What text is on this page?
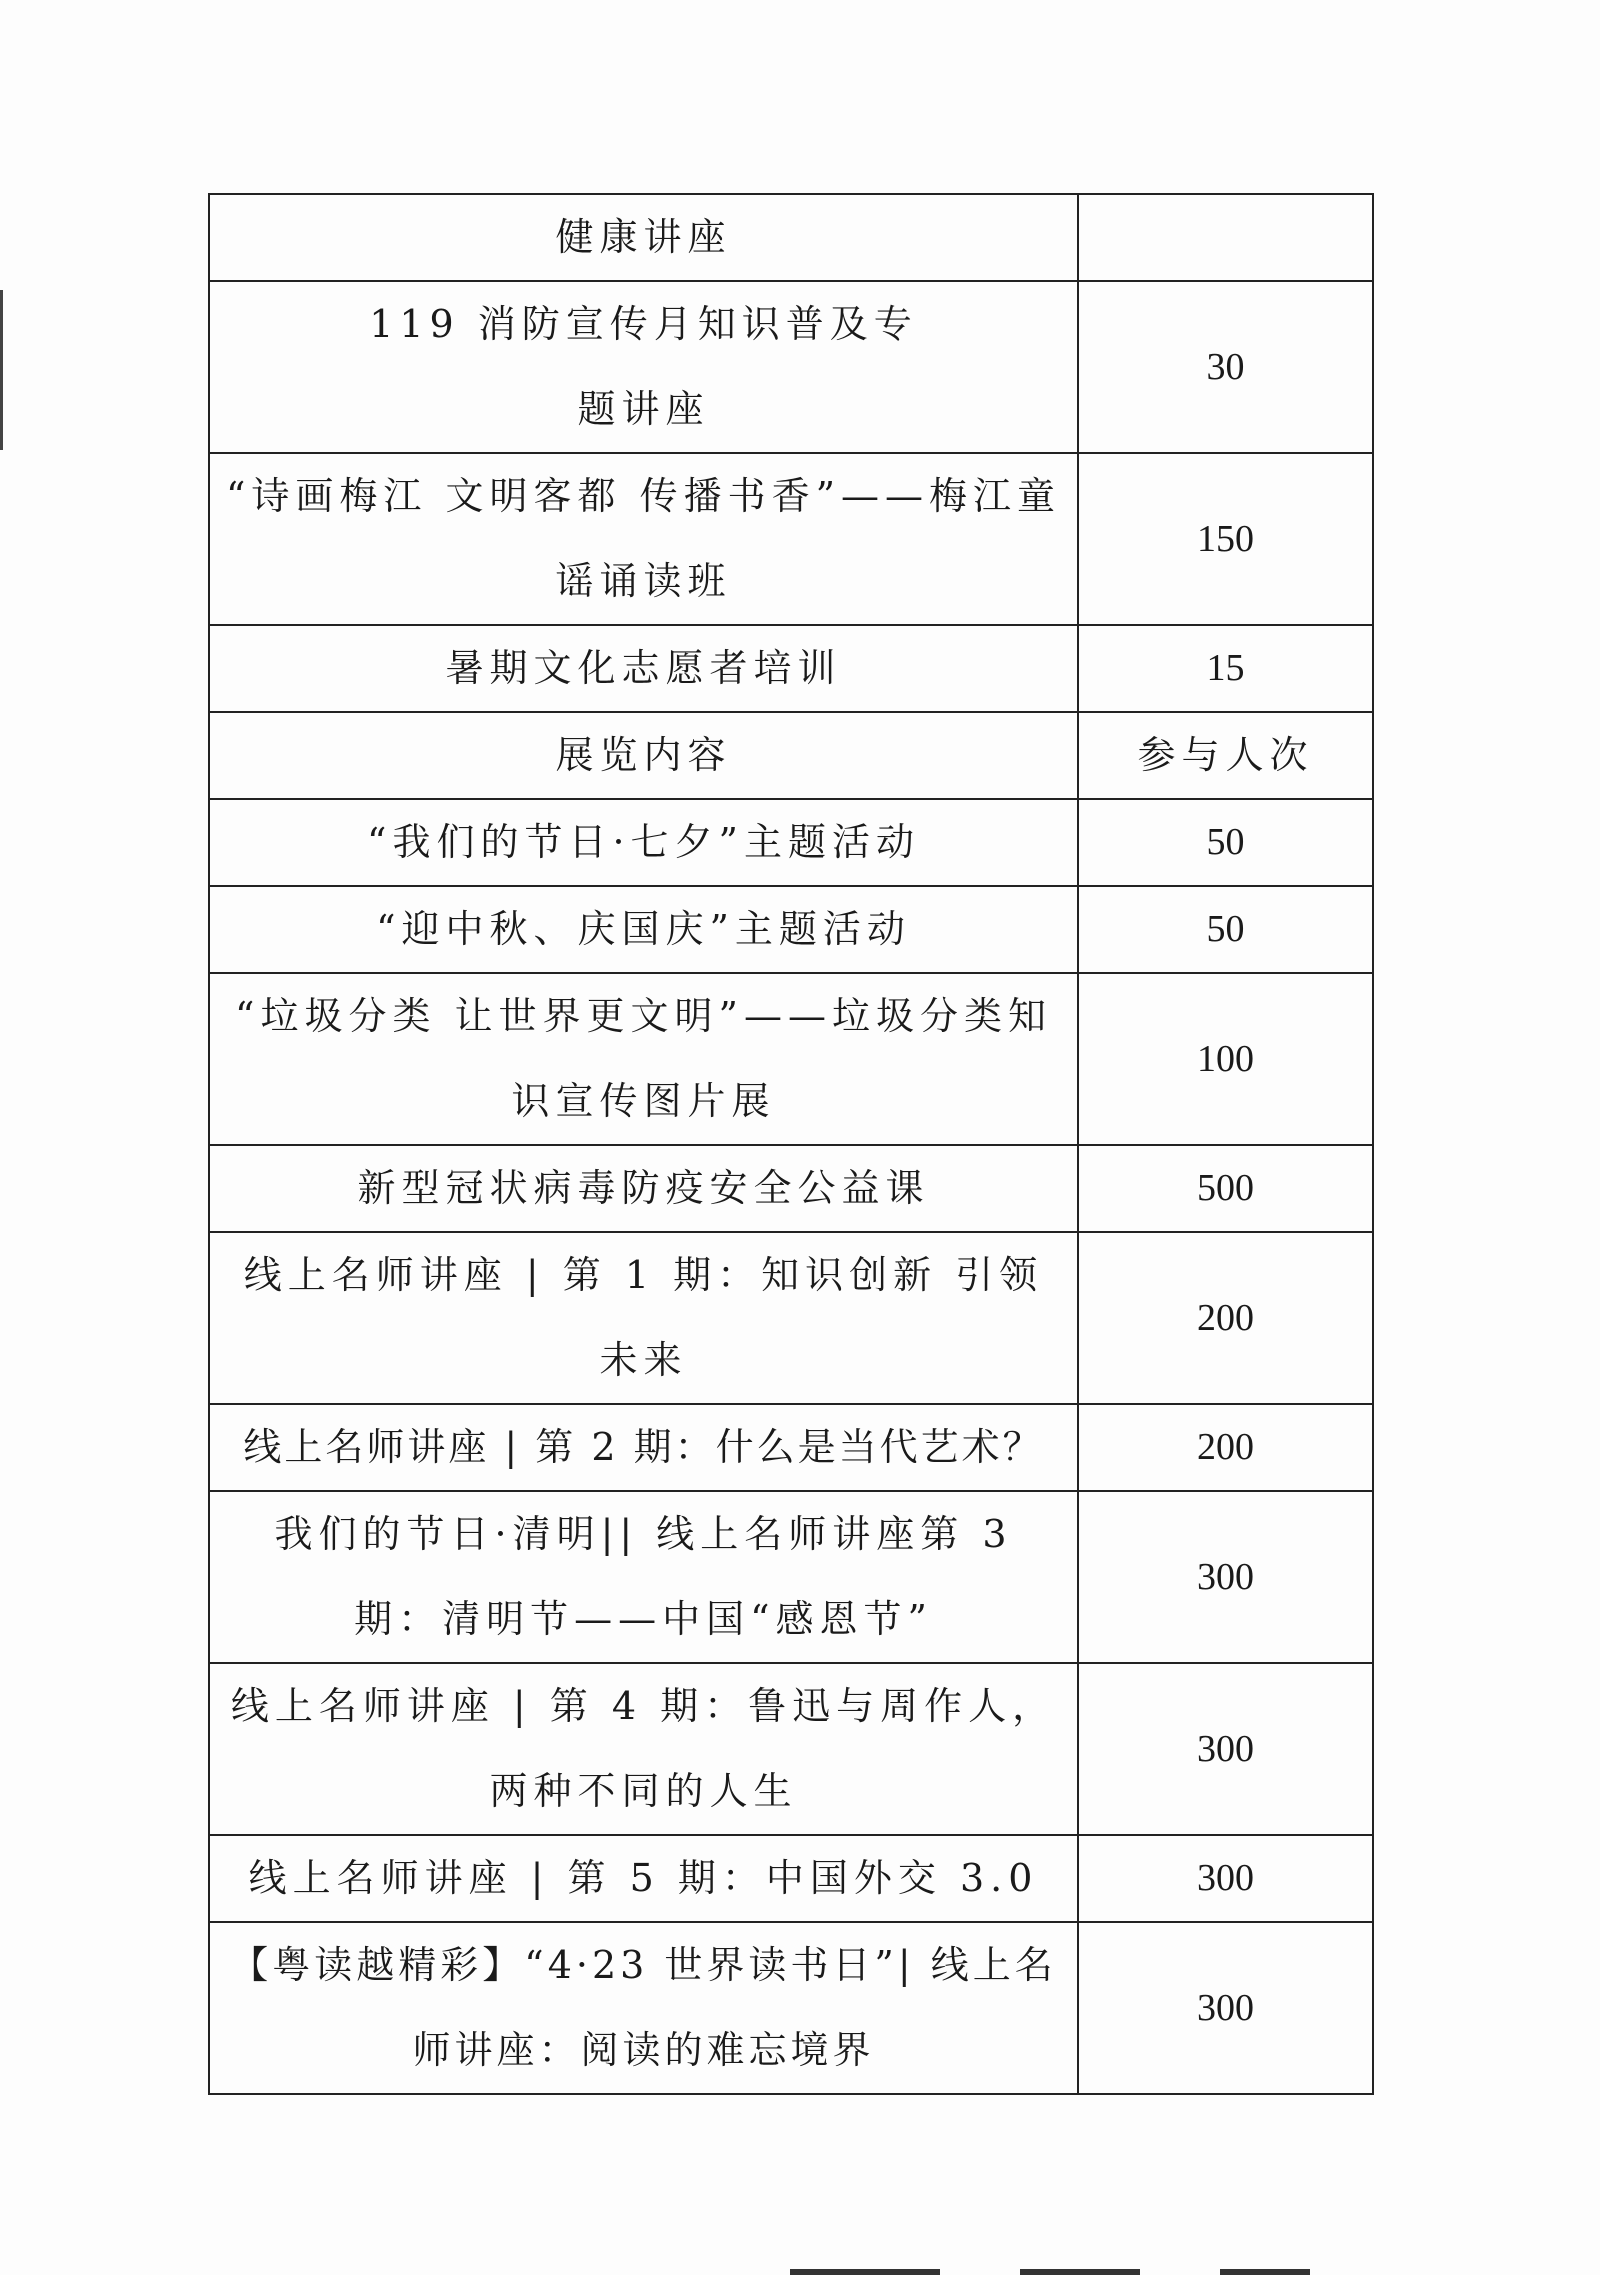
健康讲座	
119 消防宣传月知识普及专题讲座	30
“诗画梅江 文明客都 传播书香”——梅江童谣诵读班	150
暑期文化志愿者培训	15
展览内容	参与人次
“我们的节日·七夕”主题活动	50
“迎中秋、庆国庆”主题活动	50
“垃圾分类 让世界更文明”——垃圾分类知识宣传图片展	100
新型冠状病毒防疫安全公益课	500
线上名师讲座 | 第 1 期：知识创新 引领未来	200
线上名师讲座 | 第 2 期：什么是当代艺术？	200
我们的节日·清明|| 线上名师讲座第 3 期：清明节——中国“感恩节”	300
线上名师讲座 | 第 4 期：鲁迅与周作人，两种不同的人生	300
线上名师讲座 | 第 5 期：中国外交 3.0	300
【粤读越精彩】“4·23 世界读书日”| 线上名师讲座：阅读的难忘境界	300
